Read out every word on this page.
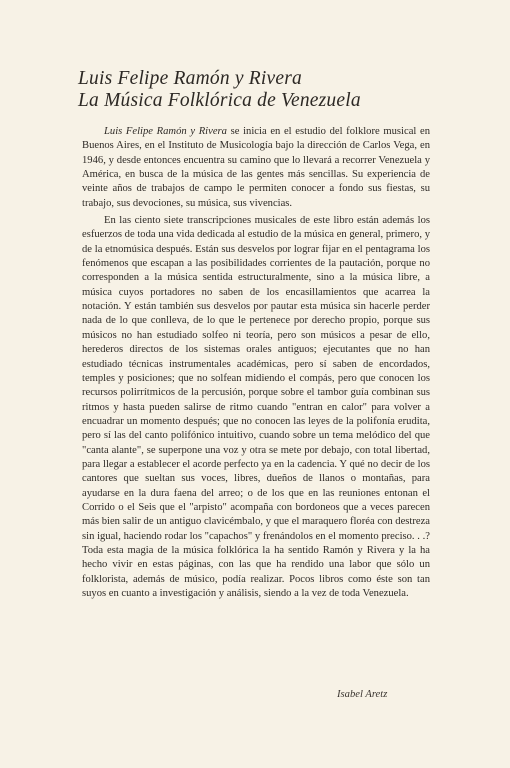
Luis Felipe Ramón y Rivera
La Música Folklórica de Venezuela

Luis Felipe Ramón y Rivera se inicia en el estudio del folklore musical en Buenos Aires, en el Instituto de Musicología bajo la dirección de Carlos Vega, en 1946, y desde entonces encuentra su camino que lo llevará a recorrer Venezuela y América, en busca de la música de las gentes más sencillas. Su experiencia de veinte años de trabajos de campo le permiten conocer a fondo sus fiestas, su trabajo, sus devociones, su música, sus vivencias.

En las ciento siete transcripciones musicales de este libro están además los esfuerzos de toda una vida dedicada al estudio de la música en general, primero, y de la etnomúsica después. Están sus desvelos por lograr fijar en el pentagrama los fenómenos que escapan a las posibilidades corrientes de la pautación, porque no corresponden a la música sentida estructuralmente, sino a la música libre, a música cuyos portadores no saben de los encasillamientos que acarrea la notación. Y están también sus desvelos por pautar esta música sin hacerle perder nada de lo que conlleva, de lo que le pertenece por derecho propio, porque sus músicos no han estudiado solfeo ni teoría, pero son músicos a pesar de ello, herederos directos de los sistemas orales antiguos; ejecutantes que no han estudiado técnicas instrumentales académicas, pero sí saben de encordados, temples y posiciones; que no solfean midiendo el compás, pero que conocen los recursos polirrítmicos de la percusión, porque sobre el tambor guía combinan sus ritmos y hasta pueden salirse de ritmo cuando "entran en calor" para volver a encuadrar un momento después; que no conocen las leyes de la polifonía erudita, pero sí las del canto polifónico intuitivo, cuando sobre un tema melódico del que "canta alante", se superpone una voz y otra se mete por debajo, con total libertad, para llegar a establecer el acorde perfecto ya en la cadencia. Y qué no decir de los cantores que sueltan sus voces, libres, dueños de llanos o montañas, para ayudarse en la dura faena del arreo; o de los que en las reuniones entonan el Corrido o el Seis que el "arpisto" acompaña con bordoneos que a veces parecen más bien salir de un antiguo clavicémbalo, y que el maraquero floréa con destreza sin igual, haciendo rodar los "capachos" y frenándolos en el momento preciso. . .? Toda esta magia de la música folklórica la ha sentido Ramón y Rivera y la ha hecho vivir en estas páginas, con las que ha rendido una labor que sólo un folklorista, además de músico, podía realizar. Pocos libros como éste son tan suyos en cuanto a investigación y análisis, siendo a la vez de toda Venezuela.

Isabel Aretz
